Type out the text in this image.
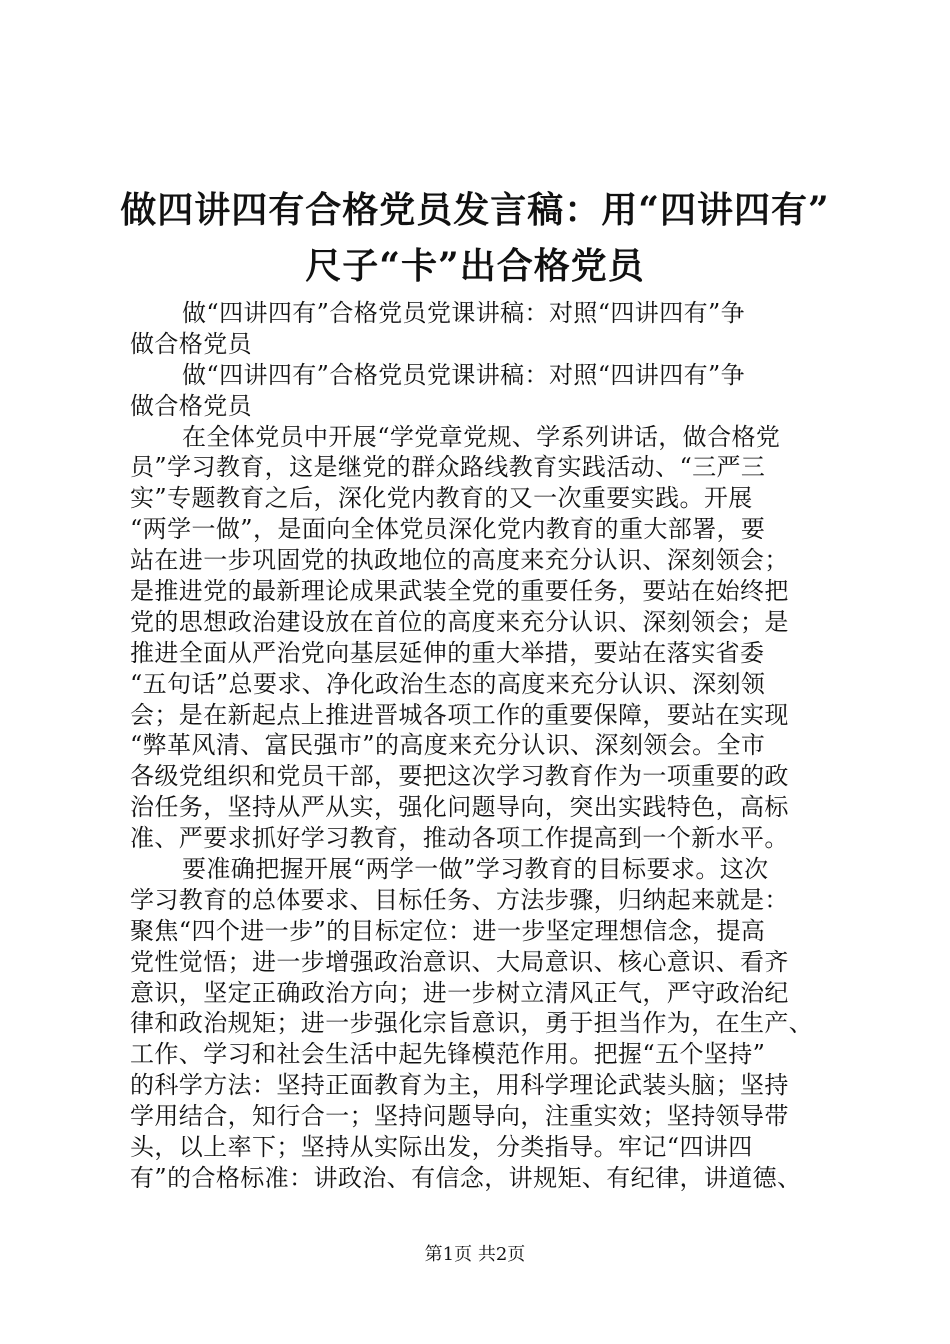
做四讲四有合格党员发言稿：用“四讲四有”
尺子“卡”出合格党员
做“四讲四有”合格党员党课讲稿：对照“四讲四有”争
做合格党员
做“四讲四有”合格党员党课讲稿：对照“四讲四有”争
做合格党员
在全体党员中开展“学党章党规、学系列讲话，做合格党
员”学习教育，这是继党的群众路线教育实践活动、“三严三
实”专题教育之后，深化党内教育的又一次重要实践。开展
“两学一做”，是面向全体党员深化党内教育的重大部署，要
站在进一步巩固党的执政地位的高度来充分认识、深刻领会；
是推进党的最新理论成果武装全党的重要任务，要站在始终把
党的思想政治建设放在首位的高度来充分认识、深刻领会；是
推进全面从严治党向基层延伸的重大举措，要站在落实省委
“五句话”总要求、净化政治生态的高度来充分认识、深刻领
会；是在新起点上推进晋城各项工作的重要保障，要站在实现
“弊革风清、富民强市”的高度来充分认识、深刻领会。全市
各级党组织和党员干部，要把这次学习教育作为一项重要的政
治任务，坚持从严从实，强化问题导向，突出实践特色，高标
准、严要求抓好学习教育，推动各项工作提高到一个新水平。
要准确把握开展“两学一做”学习教育的目标要求。这次
学习教育的总体要求、目标任务、方法步骤，归纳起来就是：
聚焦“四个进一步”的目标定位：进一步坚定理想信念，提高
党性觉悟；进一步增强政治意识、大局意识、核心意识、看齐
意识，坚定正确政治方向；进一步树立清风正气，严守政治纪
律和政治规矩；进一步强化宗旨意识，勇于担当作为，在生产、
工作、学习和社会生活中起先锋模范作用。把握“五个坚持”
的科学方法：坚持正面教育为主，用科学理论武装头脑；坚持
学用结合，知行合一；坚持问题导向，注重实效；坚持领导带
头，以上率下；坚持从实际出发，分类指导。牢记“四讲四
有”的合格标准：讲政治、有信念，讲规矩、有纪律，讲道德、
第1页 共2页
